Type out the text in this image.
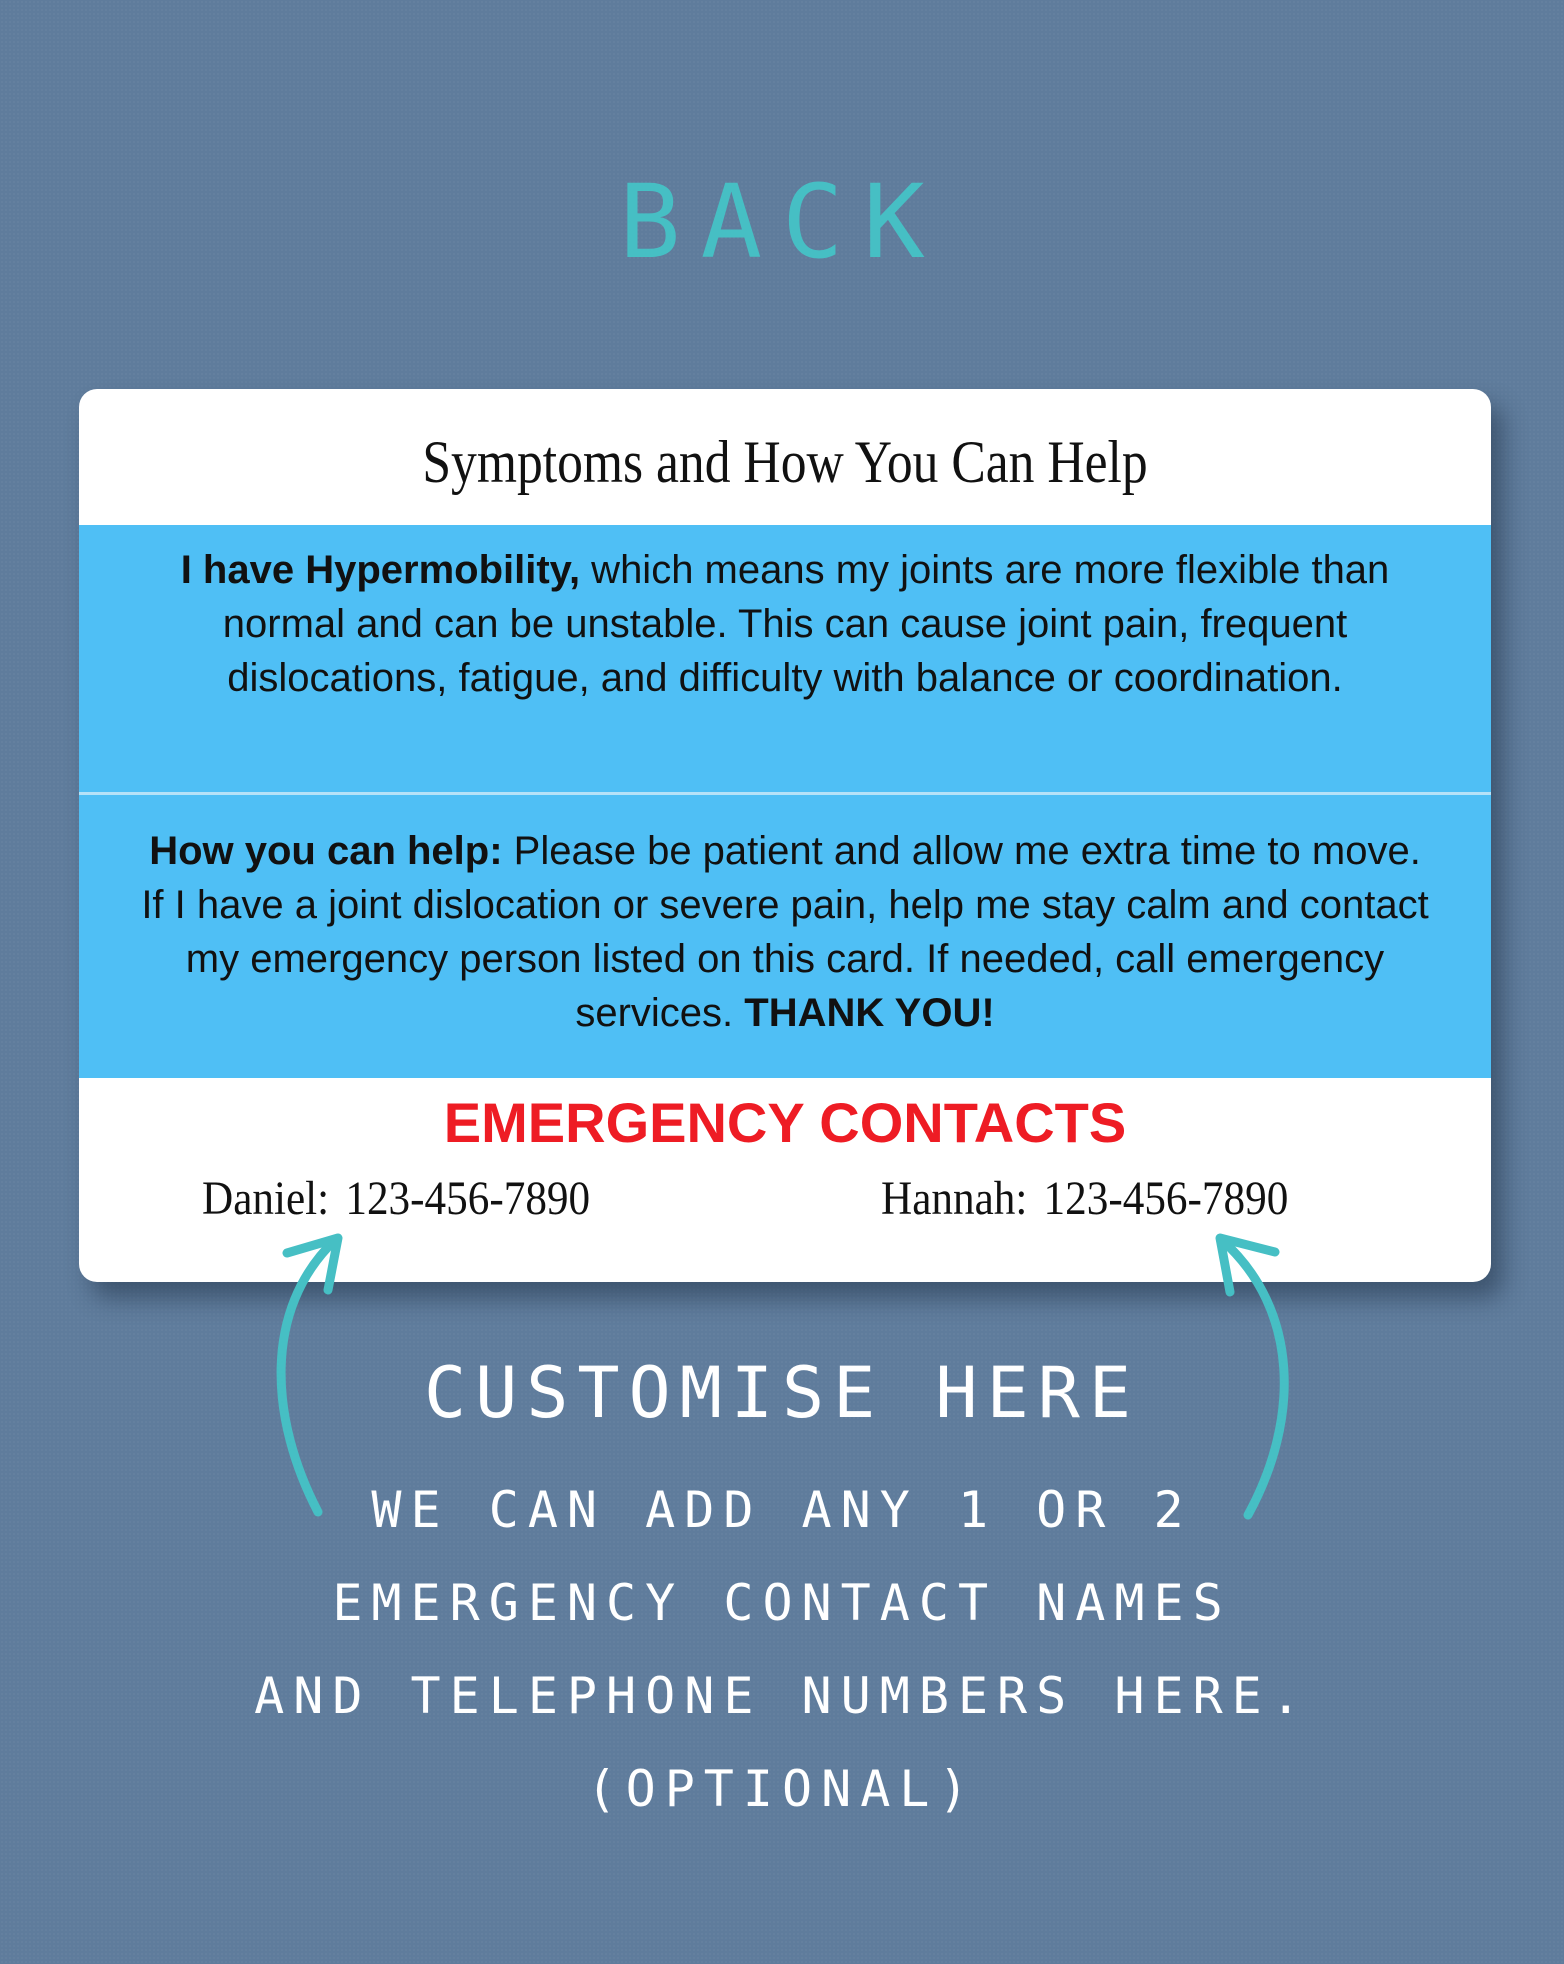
BACK
Symptoms and How You Can Help

I have Hypermobility, which means my joints are more flexible than normal and can be unstable. This can cause joint pain, frequent dislocations, fatigue, and difficulty with balance or coordination.

How you can help: Please be patient and allow me extra time to move. If I have a joint dislocation or severe pain, help me stay calm and contact my emergency person listed on this card. If needed, call emergency services. THANK YOU!

EMERGENCY CONTACTS
Daniel: 123-456-7890	Hannah: 123-456-7890
CUSTOMISE HERE
WE CAN ADD ANY 1 OR 2
EMERGENCY CONTACT NAMES
AND TELEPHONE NUMBERS HERE.
(OPTIONAL)
